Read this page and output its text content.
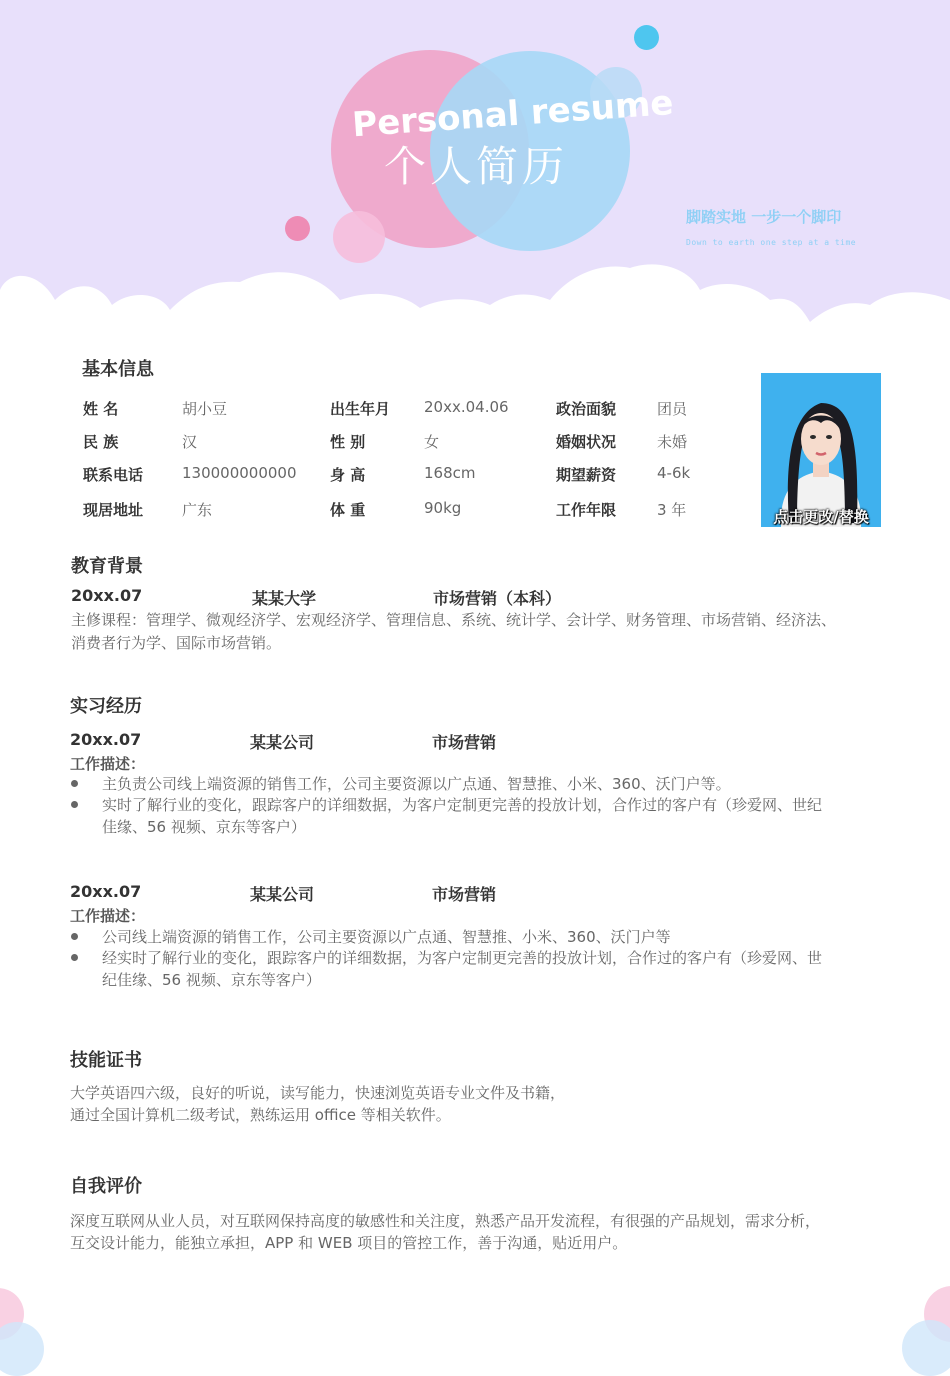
Personal resume
个人简历
脚踏实地 一步一个脚印
Down to earth one step at a time
基本信息
姓 名	胡小豆	出生年月 20xx.04.06	政治面貌	团员
民 族	汉	性 别	女	婚姻状况	未婚
联系电话	130000000000 身 高	168cm	期望薪资	4-6k
现居地址	广东	体 重	90kg	工作年限	3 年	点击更改/替换
教育背景
20xx.07	某某大学	市场营销（本科）
主修课程：管理学、微观经济学、宏观经济学、管理信息、系统、统计学、会计学、财务管理、市场营销、经济法、
消费者行为学、国际市场营销。
实习经历
20xx.07	某某公司	市场营销
工作描述：
主负责公司线上端资源的销售工作，公司主要资源以广点通、智慧推、小米、360、沃门户等。
实时了解行业的变化，跟踪客户的详细数据，为客户定制更完善的投放计划，合作过的客户有（珍爱网、世纪
佳缘、56 视频、京东等客户）
20xx.07	某某公司	市场营销
工作描述：
公司线上端资源的销售工作，公司主要资源以广点通、智慧推、小米、360、沃门户等
经实时了解行业的变化，跟踪客户的详细数据，为客户定制更完善的投放计划，合作过的客户有（珍爱网、世
纪佳缘、56 视频、京东等客户）
技能证书
大学英语四六级，良好的听说，读写能力，快速浏览英语专业文件及书籍，
通过全国计算机二级考试，熟练运用 office 等相关软件。
自我评价
深度互联网从业人员，对互联网保持高度的敏感性和关注度，熟悉产品开发流程，有很强的产品规划，需求分析，
互交设计能力，能独立承担，APP 和 WEB 项目的管控工作，善于沟通，贴近用户。
